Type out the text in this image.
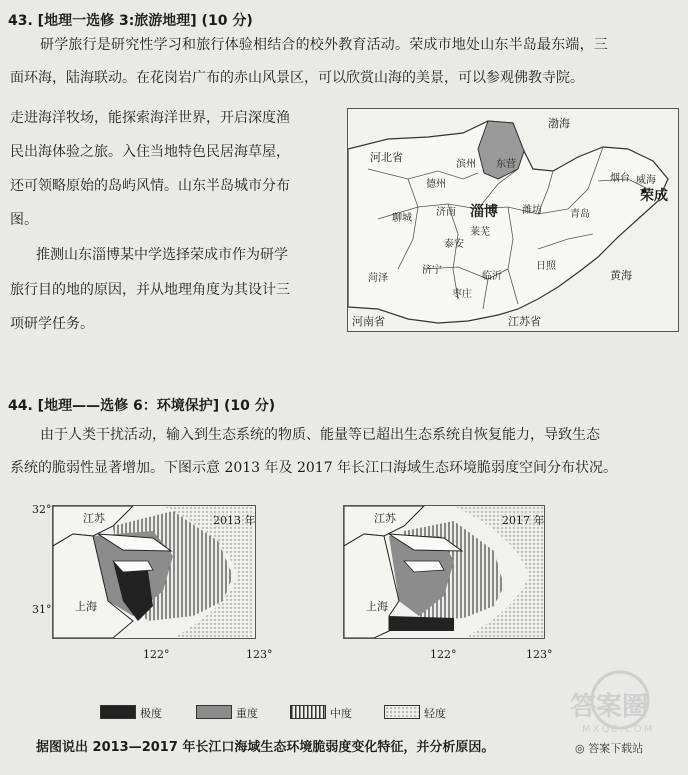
43. [地理一选修 3:旅游地理] (10 分)
研学旅行是研究性学习和旅行体验相结合的校外教育活动。荣成市地处山东半岛最东端，三
面环海，陆海联动。在花岗岩广布的赤山风景区，可以欣赏山海的美景，可以参观佛教寺院。
走进海洋牧场，能探索海洋世界，开启深度渔
民出海体验之旅。入住当地特色民居海草屋，
还可领略原始的岛屿风情。山东半岛城市分布
图。
推测山东淄博某中学选择荣成市作为研学
旅行目的地的原因，并从地理角度为其设计三
项研学任务。
渤海
河北省
滨州 东营
德州
烟台 威海
荣成
聊城
济南 淄博 潍坊	青岛
莱芜
泰安
日照
菏泽
济宁
临沂
枣庄
黄海
河南省	江苏省
44. [地理——选修 6：环境保护] (10 分)
由于人类干扰活动，输入到生态系统的物质、能量等已超出生态系统自恢复能力，导致生态
系统的脆弱性显著增加。下图示意 2013 年及 2017 年长江口海域生态环境脆弱度空间分布状况。
32°
31°
江苏	2013 年
上海
江苏	2017 年
上海
122°	123°	122°	123°
极度	重度	中度	轻度
据图说出 2013—2017 年长江口海域生态环境脆弱度变化特征，并分析原因。
答案圈
MXQE.COM
◎ 答案下载站
